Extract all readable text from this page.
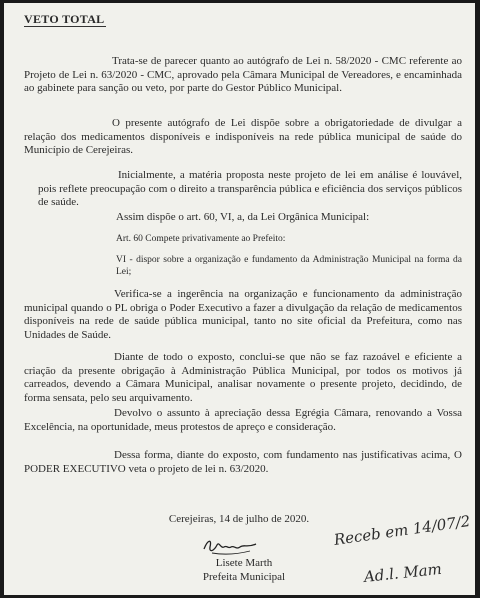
VETO TOTAL

Trata-se de parecer quanto ao autógrafo de Lei n. 58/2020 - CMC referente ao Projeto de Lei n. 63/2020 - CMC, aprovado pela Câmara Municipal de Vereadores, e encaminhada ao gabinete para sanção ou veto, por parte do Gestor Público Municipal.

O presente autógrafo de Lei dispõe sobre a obrigatoriedade de divulgar a relação dos medicamentos disponíveis e indisponíveis na rede pública municipal de saúde do Município de Cerejeiras.

Inicialmente, a matéria proposta neste projeto de lei em análise é louvável, pois reflete preocupação com o direito a transparência pública e eficiência dos serviços públicos de saúde.

Assim dispõe o art. 60, VI, a, da Lei Orgânica Municipal:

Art. 60 Compete privativamente ao Prefeito:

VI - dispor sobre a organização e fundamento da Administração Municipal na forma da Lei;

Verifica-se a ingerência na organização e funcionamento da administração municipal quando o PL obriga o Poder Executivo a fazer a divulgação da relação de medicamentos disponíveis na rede de saúde pública municipal, tanto no site oficial da Prefeitura, como nas Unidades de Saúde.

Diante de todo o exposto, conclui-se que não se faz razoável e eficiente a criação da presente obrigação à Administração Pública Municipal, por todos os motivos já carreados, devendo a Câmara Municipal, analisar novamente o presente projeto, decidindo, de forma sensata, pelo seu arquivamento.

Devolvo o assunto à apreciação dessa Egrégia Câmara, renovando a Vossa Excelência, na oportunidade, meus protestos de apreço e consideração.

Dessa forma, diante do exposto, com fundamento nas justificativas acima, O PODER EXECUTIVO veta o projeto de lei n. 63/2020.

Cerejeiras, 14 de julho de 2020.

Lisete Marth
Prefeita Municipal
Receb em 14/07/2
Ad.l. Mam
